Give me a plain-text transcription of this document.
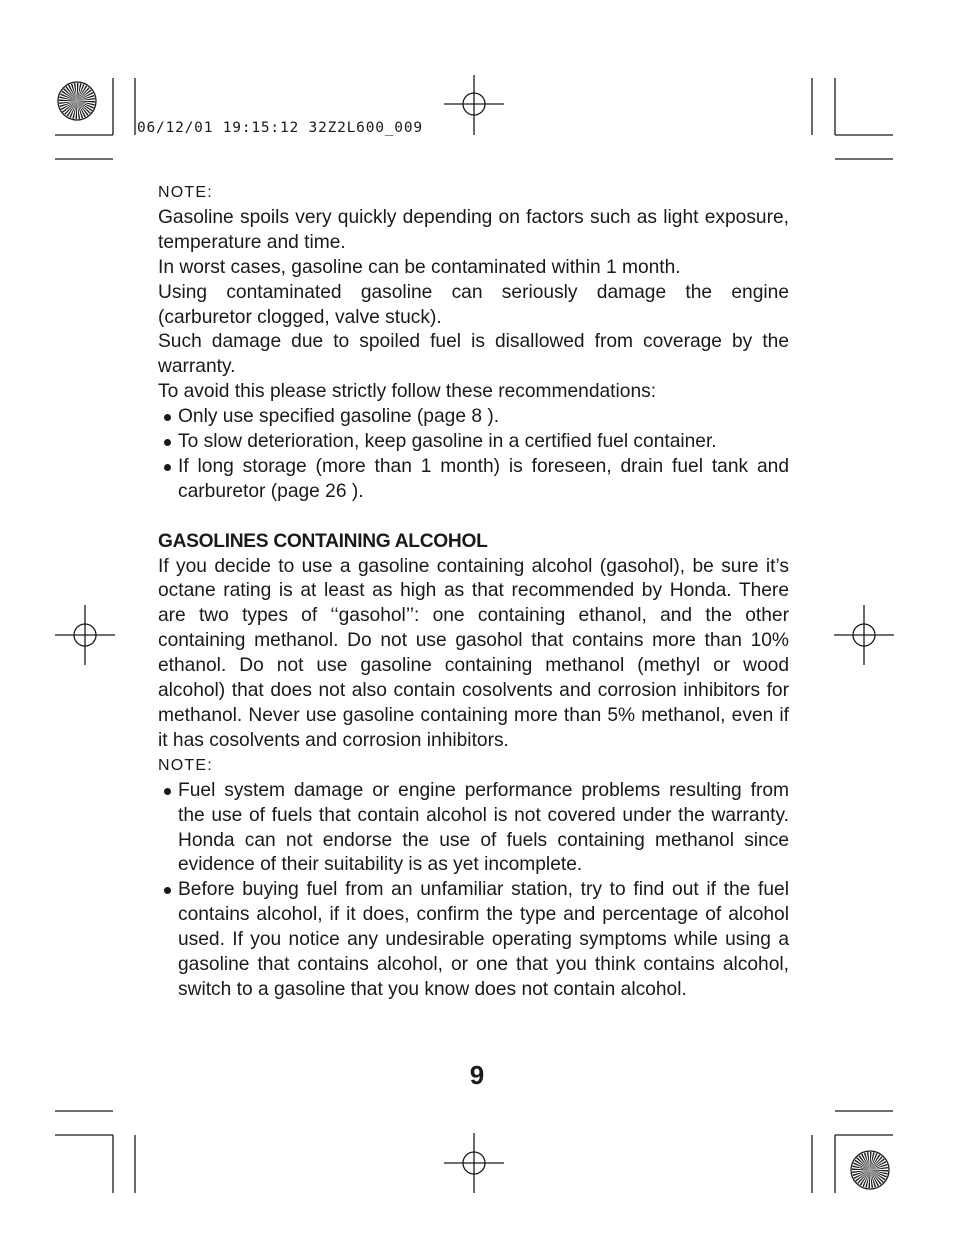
06/12/01 19:15:12 32Z2L600_009
NOTE:

Gasoline spoils very quickly depending on factors such as light exposure, temperature and time.

In worst cases, gasoline can be contaminated within 1 month.

Using contaminated gasoline can seriously damage the engine (carburetor clogged, valve stuck).

Such damage due to spoiled fuel is disallowed from coverage by the warranty.

To avoid this please strictly follow these recommendations:

Only use specified gasoline (page 8 ).
To slow deterioration, keep gasoline in a certified fuel container.
If long storage (more than 1 month) is foreseen, drain fuel tank and carburetor (page 26 ).
GASOLINES CONTAINING ALCOHOL

If you decide to use a gasoline containing alcohol (gasohol), be sure it’s octane rating is at least as high as that recommended by Honda. There are two types of ‘‘gasohol’’: one containing ethanol, and the other containing methanol. Do not use gasohol that contains more than 10% ethanol. Do not use gasoline containing methanol (methyl or wood alcohol) that does not also contain cosolvents and corrosion inhibitors for methanol. Never use gasoline containing more than 5% methanol, even if it has cosolvents and corrosion inhibitors.

NOTE:
Fuel system damage or engine performance problems resulting from the use of fuels that contain alcohol is not covered under the warranty. Honda can not endorse the use of fuels containing methanol since evidence of their suitability is as yet incomplete.
Before buying fuel from an unfamiliar station, try to find out if the fuel contains alcohol, if it does, confirm the type and percentage of alcohol used. If you notice any undesirable operating symptoms while using a gasoline that contains alcohol, or one that you think contains alcohol, switch to a gasoline that you know does not contain alcohol.
9
